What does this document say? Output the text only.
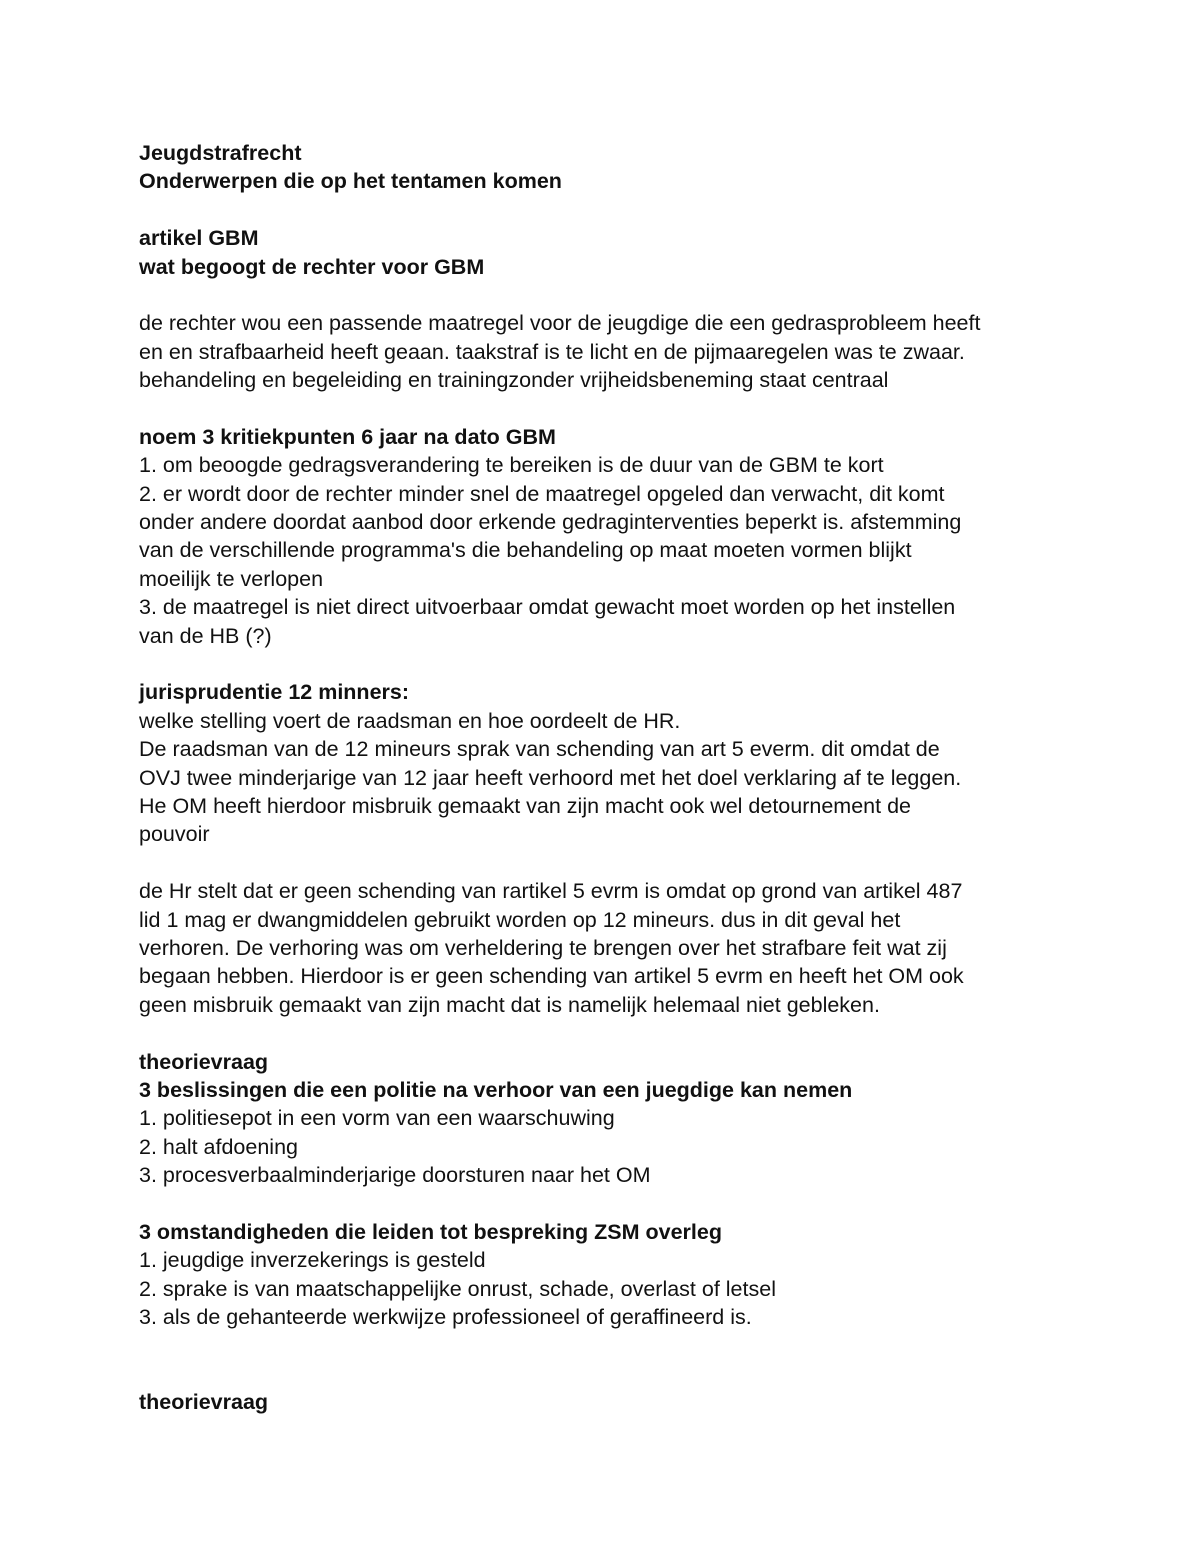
Jeugdstrafrecht
Onderwerpen die op het tentamen komen
artikel GBM
wat begoogt de rechter voor GBM
de rechter wou een passende maatregel voor de jeugdige die een gedrasprobleem heeft
en en strafbaarheid heeft geaan. taakstraf is te licht en de pijmaaregelen was te zwaar.
behandeling en begeleiding en trainingzonder vrijheidsbeneming staat centraal
noem 3 kritiekpunten 6 jaar na dato GBM
1. om beoogde gedragsverandering te bereiken is de duur van de GBM te kort
2. er wordt door de rechter minder snel de maatregel opgeled dan verwacht, dit komt
onder andere doordat aanbod door erkende gedraginterventies beperkt is. afstemming
van de verschillende programma's die behandeling op maat moeten vormen blijkt
moeilijk te verlopen
3. de maatregel is niet direct uitvoerbaar omdat gewacht moet worden op het instellen
van de HB (?)
jurisprudentie 12 minners:
welke stelling voert de raadsman en hoe oordeelt de HR.
De raadsman van de 12 mineurs sprak van schending van art 5 everm. dit omdat de
OVJ twee minderjarige van 12 jaar heeft verhoord met het doel verklaring af te leggen.
He OM heeft hierdoor misbruik gemaakt van zijn macht ook wel detournement de
pouvoir
de Hr stelt dat er geen schending van rartikel 5 evrm is omdat op grond van artikel 487
lid 1 mag er dwangmiddelen gebruikt worden op 12 mineurs. dus in dit geval het
verhoren. De verhoring was om verheldering te brengen over het strafbare feit wat zij
begaan hebben. Hierdoor is er geen schending van artikel 5 evrm en heeft het OM ook
geen misbruik gemaakt van zijn macht dat is namelijk helemaal niet gebleken.
theorievraag
3 beslissingen die een politie na verhoor van een juegdige kan nemen
1. politiesepot in een vorm van een waarschuwing
2. halt afdoening
3. procesverbaalminderjarige doorsturen naar het OM
3 omstandigheden die leiden tot bespreking ZSM overleg
1. jeugdige inverzekerings is gesteld
2. sprake is van maatschappelijke onrust, schade, overlast of letsel
3. als de gehanteerde werkwijze professioneel of geraffineerd is.
theorievraag
